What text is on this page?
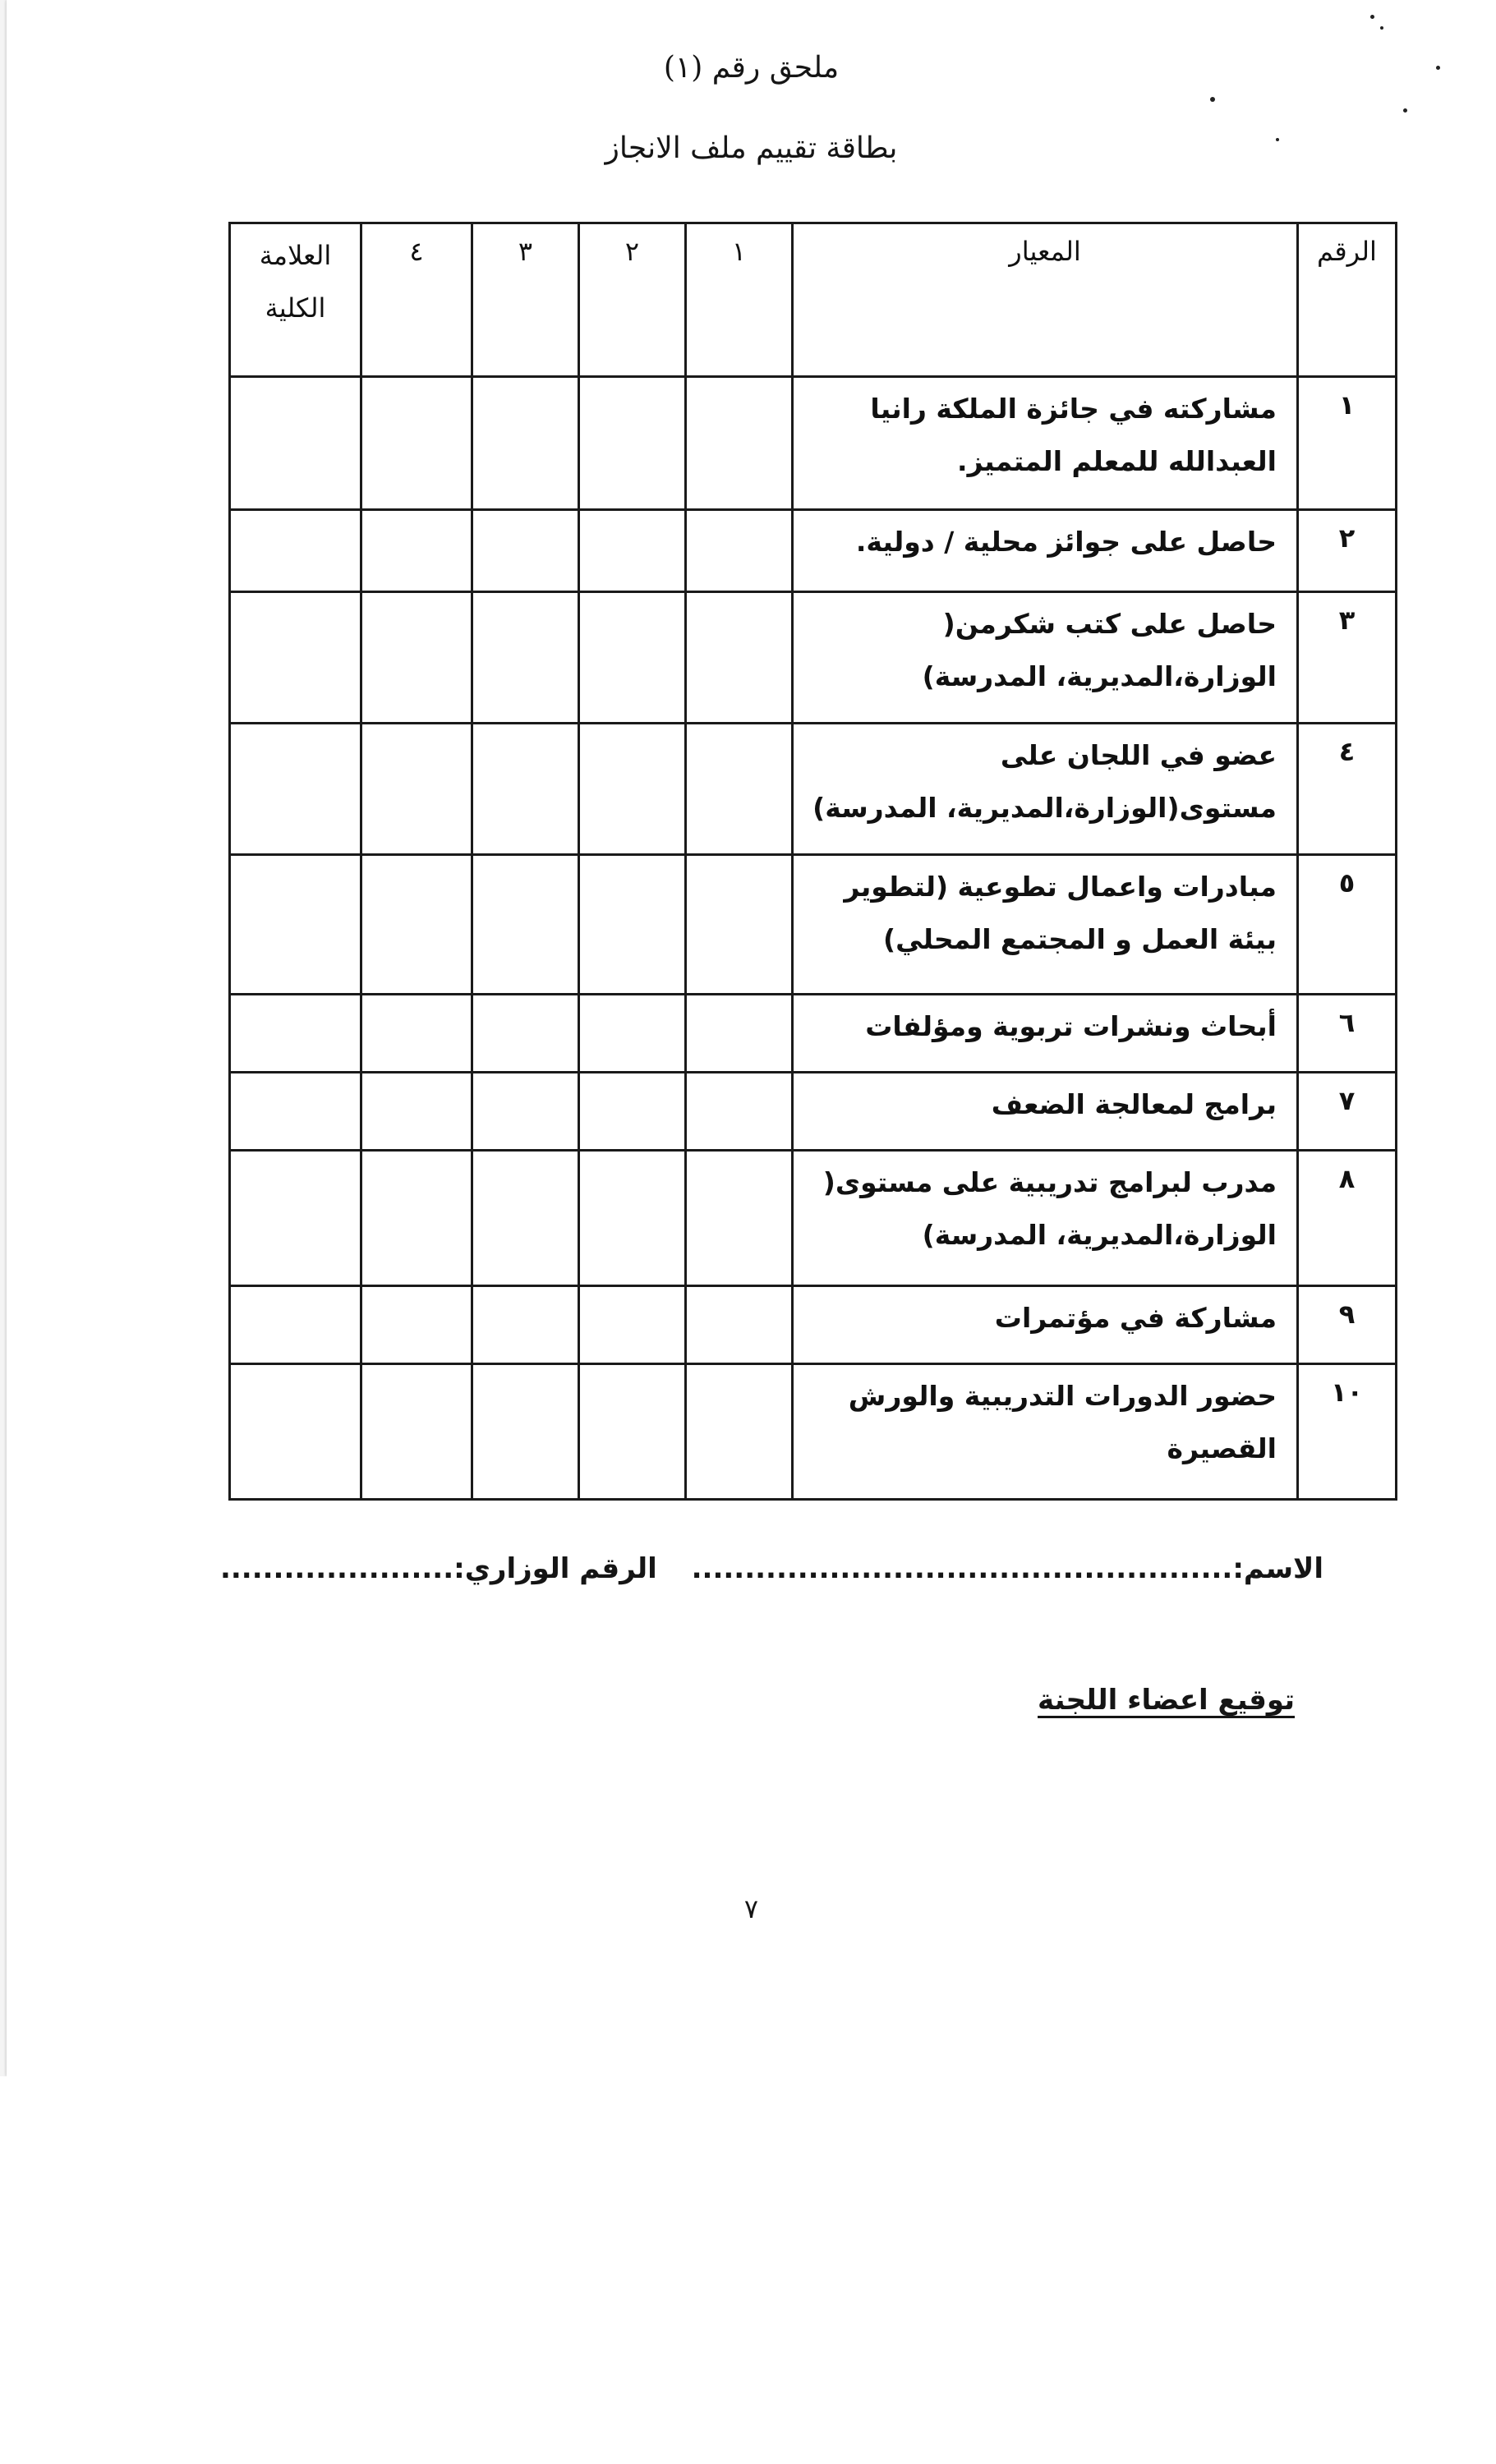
ملحق رقم (١)
بطاقة تقييم ملف الانجاز
الرقم	المعيار	١	٢	٣	٤	العلامة الكلية
١	مشاركته في جائزة الملكة رانيا العبدالله للمعلم المتميز.					
٢	حاصل على جوائز محلية / دولية.					
٣	حاصل على كتب شكرمن( الوزارة،المديرية، المدرسة)					
٤	عضو في اللجان على مستوى(الوزارة،المديرية، المدرسة)					
٥	مبادرات واعمال تطوعية (لتطوير بيئة العمل و المجتمع المحلي)					
٦	أبحاث ونشرات تربوية ومؤلفات					
٧	برامج لمعالجة الضعف					
٨	مدرب لبرامج تدريبية على مستوى( الوزارة،المديرية، المدرسة)					
٩	مشاركة في مؤتمرات					
١٠	حضور الدورات التدريبية والورش القصيرة					
الاسم:................................................... الرقم الوزاري:......................
توقيع اعضاء اللجنة
٧
